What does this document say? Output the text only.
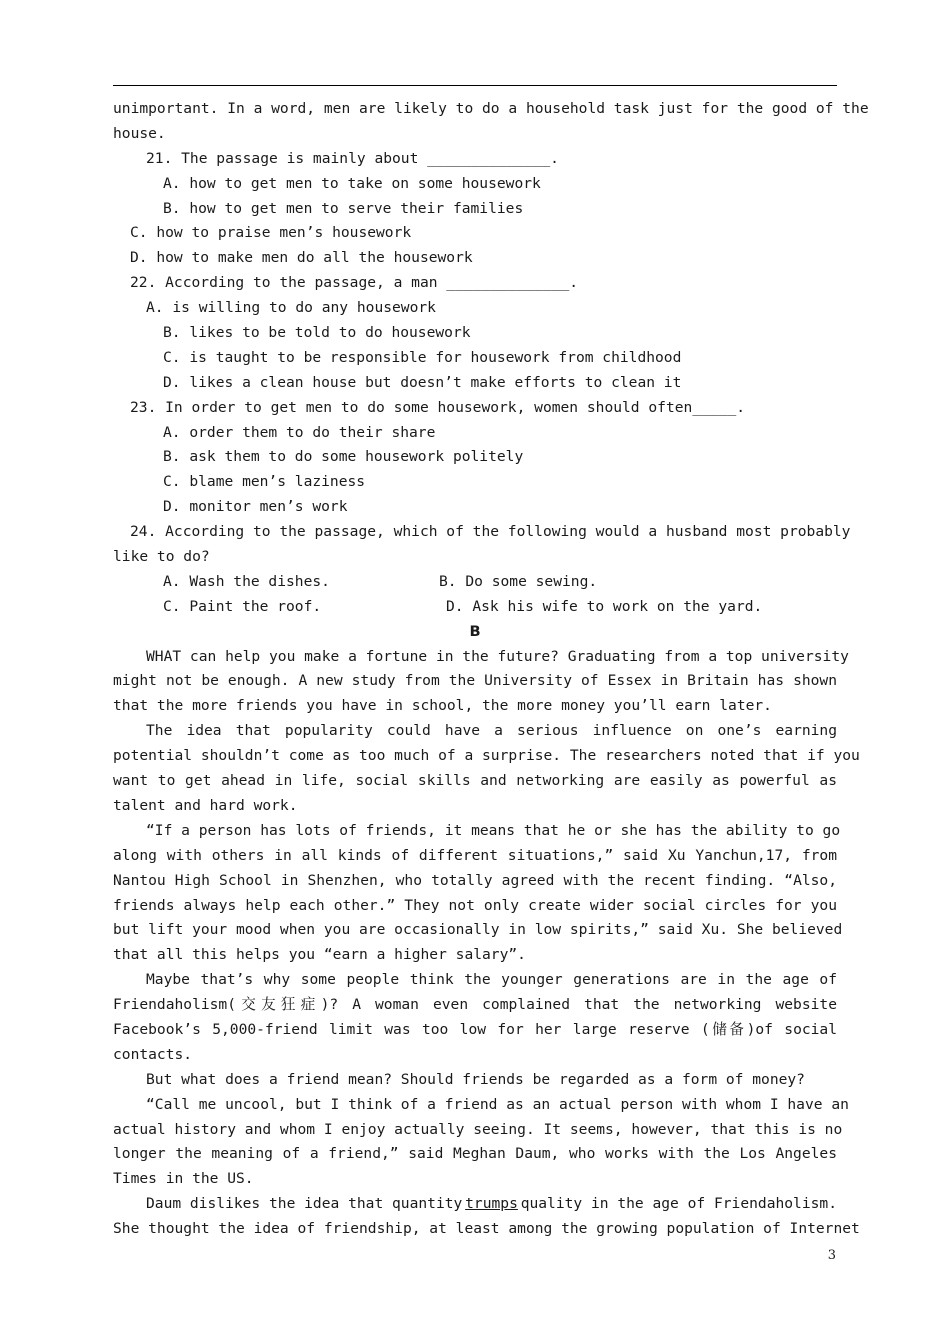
unimportant. In a word, men are likely to do a household task just for the good of the
house.
21. The passage is mainly about ______________.
A. how to get men to take on some housework
B. how to get men to serve their families
C. how to praise men’s housework
D. how to make men do all the housework
22. According to the passage, a man ______________.
A. is willing to do any housework
B. likes to be told to do housework
C. is taught to be responsible for housework from childhood
D. likes a clean house but doesn’t make efforts to clean it
23. In order to get men to do some housework, women should often_____.
A. order them to do their share
B. ask them to do some housework politely
C. blame men’s laziness
D. monitor men’s work
24. According to the passage, which of the following would a husband most probably
like to do?
A. Wash the dishes.	B. Do some sewing.
C. Paint the roof.	D. Ask his wife to work on the yard.
B
WHAT can help you make a fortune in the future? Graduating from a top university
might not be enough. A new study from the University of Essex in Britain has shown
that the more friends you have in school, the more money you’ll earn later.
The idea that popularity could have a serious influence on one’s earning
potential shouldn’t come as too much of a surprise. The researchers noted that if you
want to get ahead in life, social skills and networking are easily as powerful as
talent and hard work.
“If a person has lots of friends, it means that he or she has the ability to go
along with others in all kinds of different situations,” said Xu Yanchun,17, from
Nantou High School in Shenzhen, who totally agreed with the recent finding. “Also,
friends always help each other.” They not only create wider social circles for you
but lift your mood when you are occasionally in low spirits,” said Xu. She believed
that all this helps you “earn a higher salary”.
Maybe that’s why some people think the younger generations are in the age of
Friendaholism(交友狂症)? A woman even complained that the networking website
Facebook’s 5,000-friend limit was too low for her large reserve (储备)of social
contacts.
But what does a friend mean? Should friends be regarded as a form of money?
“Call me uncool, but I think of a friend as an actual person with whom I have an
actual history and whom I enjoy actually seeing. It seems, however, that this is no
longer the meaning of a friend,” said Meghan Daum, who works with the Los Angeles
Times in the US.
Daum dislikes the idea that quantity trumps quality in the age of Friendaholism.
She thought the idea of friendship, at least among the growing population of Internet
3
